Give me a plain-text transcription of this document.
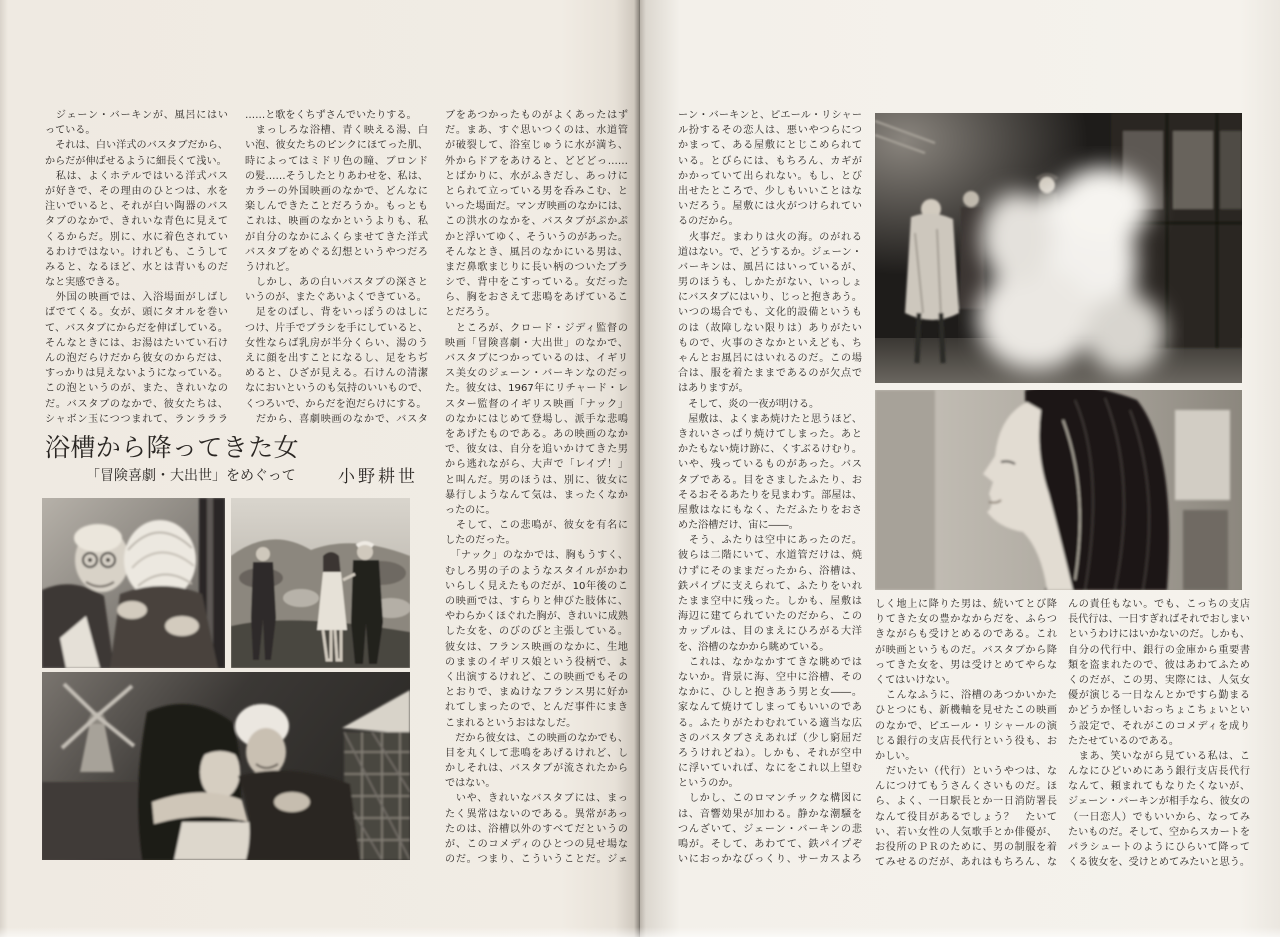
　ジェーン・バーキンが、風呂にはい
っている。
　それは、白い洋式のバスタブだから、
からだが伸ばせるように細長くて浅い。
　私は、よくホテルではいる洋式バス
が好きで、その理由のひとつは、水を
注いでいると、それが白い陶器のバス
タブのなかで、きれいな青色に見えて
くるからだ。別に、水に着色されてい
るわけではない。けれども、こうして
みると、なるほど、水とは青いものだ
なと実感できる。
　外国の映画では、入浴場面がしばし
ばでてくる。女が、頭にタオルを巻い
て、バスタブにからだを伸ばしている。
そんなときには、お湯はたいてい石け
んの泡だらけだから彼女のからだは、
すっかりは見えないようになっている。
この泡というのが、また、きれいなの
だ。バスタブのなかで、彼女たちは、
シャボン玉につつまれて、ランラララ
……と歌をくちずさんでいたりする。
　まっしろな浴槽、青く映える湯、白
い泡、彼女たちのピンクにほてった肌、
時によってはミドリ色の瞳、ブロンド
の髪……そうしたとりあわせを、私は、
カラーの外国映画のなかで、どんなに
楽しんできたことだろうか。もっとも
これは、映画のなかというよりも、私
が自分のなかにふくらませてきた洋式
バスタブをめぐる幻想というやつだろ
うけれど。
　しかし、あの白いバスタブの深さと
いうのが、またぐあいよくできている。
　足をのばし、背をいっぽうのはしに
つけ、片手でブラシを手にしていると、
女性ならば乳房が半分くらい、湯のう
えに顔を出すことになるし、足をちぢ
めると、ひざが見える。石けんの清潔
なにおいというのも気持のいいもので、
くつろいで、からだを泡だらけにする。
　だから、喜劇映画のなかで、バスタ
ブをあつかったものがよくあったはず
だ。まあ、すぐ思いつくのは、水道管
が破裂して、浴室じゅうに水が満ち、
外からドアをあけると、どどどっ……
とばかりに、水がふきだし、あっけに
とられて立っている男を呑みこむ、と
いった場面だ。マンガ映画のなかには、
この洪水のなかを、バスタブがぷかぷ
かと浮いてゆく、そういうのがあった。
そんなとき、風呂のなかにいる男は、
まだ鼻歌まじりに長い柄のついたブラ
シで、背中をこすっている。女だった
ら、胸をおさえて悲鳴をあげているこ
とだろう。
　ところが、クロード・ジディ監督の
映画「冒険喜劇・大出世」のなかで、
バスタブにつかっているのは、イギリ
ス美女のジェーン・バーキンなのだっ
た。彼女は、1967年にリチャード・レ
スター監督のイギリス映画「ナック」
のなかにはじめて登場し、派手な悲鳴
をあげたものである。あの映画のなか
で、彼女は、自分を追いかけてきた男
から逃れながら、大声で「レイプ！」
と叫んだ。男のほうは、別に、彼女に
暴行しようなんて気は、まったくなか
ったのに。
　そして、この悲鳴が、彼女を有名に
したのだった。
　「ナック」のなかでは、胸もうすく、
むしろ男の子のようなスタイルがかわ
いらしく見えたものだが、10年後のこ
の映画では、すらりと伸びた肢体に、
やわらかくほぐれた胸が、きれいに成熟
した女を、のびのびと主張している。
彼女は、フランス映画のなかに、生地
のままのイギリス娘という役柄で、よ
く出演するけれど、この映画でもその
とおりで、まぬけなフランス男に好か
れてしまったので、とんだ事件にまき
こまれるというおはなしだ。
　だから彼女は、この映画のなかでも、
目を丸くして悲鳴をあげるけれど、し
かしそれは、バスタブが流されたから
ではない。
　いや、きれいなバスタブには、まっ
たく異常はないのである。異常があっ
たのは、浴槽以外のすべてだというの
が、このコメディのひとつの見せ場な
のだ。つまり、こういうことだ。ジェ
浴槽から降ってきた女
「冒険喜劇・大出世」をめぐって 小野耕世
ーン・バーキンと、ピエール・リシャー
ル扮するその恋人は、悪いやつらにつ
かまって、ある屋敷にとじこめられて
いる。とびらには、もちろん、カギが
かかっていて出られない。もし、とび
出せたところで、少しもいいことはな
いだろう。屋敷には火がつけられてい
るのだから。
　火事だ。まわりは火の海。のがれる
道はない。で、どうするか。ジェーン・
バーキンは、風呂にはいっているが、
男のほうも、しかたがない、いっしょ
にバスタブにはいり、じっと抱きあう。
いつの場合でも、文化的設備というも
のは（故障しない限りは）ありがたい
もので、火事のさなかといえども、ち
ゃんとお風呂にはいれるのだ。この場
合は、服を着たままであるのが欠点で
はありますが。
　そして、炎の一夜が明ける。
　屋敷は、よくまあ焼けたと思うほど、
きれいさっぱり焼けてしまった。あと
かたもない焼け跡に、くすぶるけむり。
いや、残っているものがあった。バス
タブである。目をさましたふたり、お
そるおそるあたりを見まわす。部屋は、
屋敷はなにもなく、ただふたりをおさ
めた浴槽だけ、宙に――。
　そう、ふたりは空中にあったのだ。
彼らは二階にいて、水道管だけは、焼
けずにそのままだったから、浴槽は、
鉄パイプに支えられて、ふたりをいれ
たまま空中に残った。しかも、屋敷は
海辺に建てられていたのだから、この
カップルは、目のまえにひろがる大洋
を、浴槽のなかから眺めている。
　これは、なかなかすてきな眺めでは
ないか。背景に海、空中に浴槽、その
なかに、ひしと抱きあう男と女――。
家なんて焼けてしまってもいいのであ
る。ふたりがたわむれている適当な広
さのバスタブさえあれば（少し窮屈だ
ろうけれどね）。しかも、それが空中
に浮いていれば、なにをこれ以上望む
というのか。
　しかし、このロマンチックな構図に
は、音響効果が加わる。静かな潮騒を
つんざいて、ジェーン・バーキンの悲
鳴が。そして、あわてて、鉄パイプぞ
いにおっかなびっくり、サーカスよろ
しく地上に降りた男は、続いてとび降
りてきた女の豊かなからだを、ふらつ
きながらも受けとめるのである。これ
が映画というものだ。バスタブから降
ってきた女を、男は受けとめてやらな
くてはいけない。
　こんなふうに、浴槽のあつかいかた
ひとつにも、新機軸を見せたこの映画
のなかで、ピエール・リシャールの演
じる銀行の支店長代行という役も、お
かしい。
　だいたい（代行）というやつは、な
んにつけてもうさんくさいものだ。ほ
ら、よく、一日駅長とか一日消防署長
なんて役目があるでしょう？　たいて
い、若い女性の人気歌手とか俳優が、
お役所のＰＲのために、男の制服を着
てみせるのだが、あれはもちろん、な
んの責任もない。でも、こっちの支店
長代行は、一日すぎればそれでおしまい
というわけにはいかないのだ。しかも、
自分の代行中、銀行の金庫から重要書
類を盗まれたので、彼はあわてふため
くのだが、この男、実際には、人気女
優が演じる一日なんとかですら勤まる
かどうか怪しいおっちょこちょいとい
う設定で、それがこのコメディを成り
たたせているのである。
　まあ、笑いながら見ている私は、こ
んなにひどいめにあう銀行支店長代行
なんて、頼まれてもなりたくないが、
ジェーン・バーキンが相手なら、彼女の
（一日恋人）でもいいから、なってみ
たいものだ。そして、空からスカートを
パラシュートのようにひらいて降って
くる彼女を、受けとめてみたいと思う。
